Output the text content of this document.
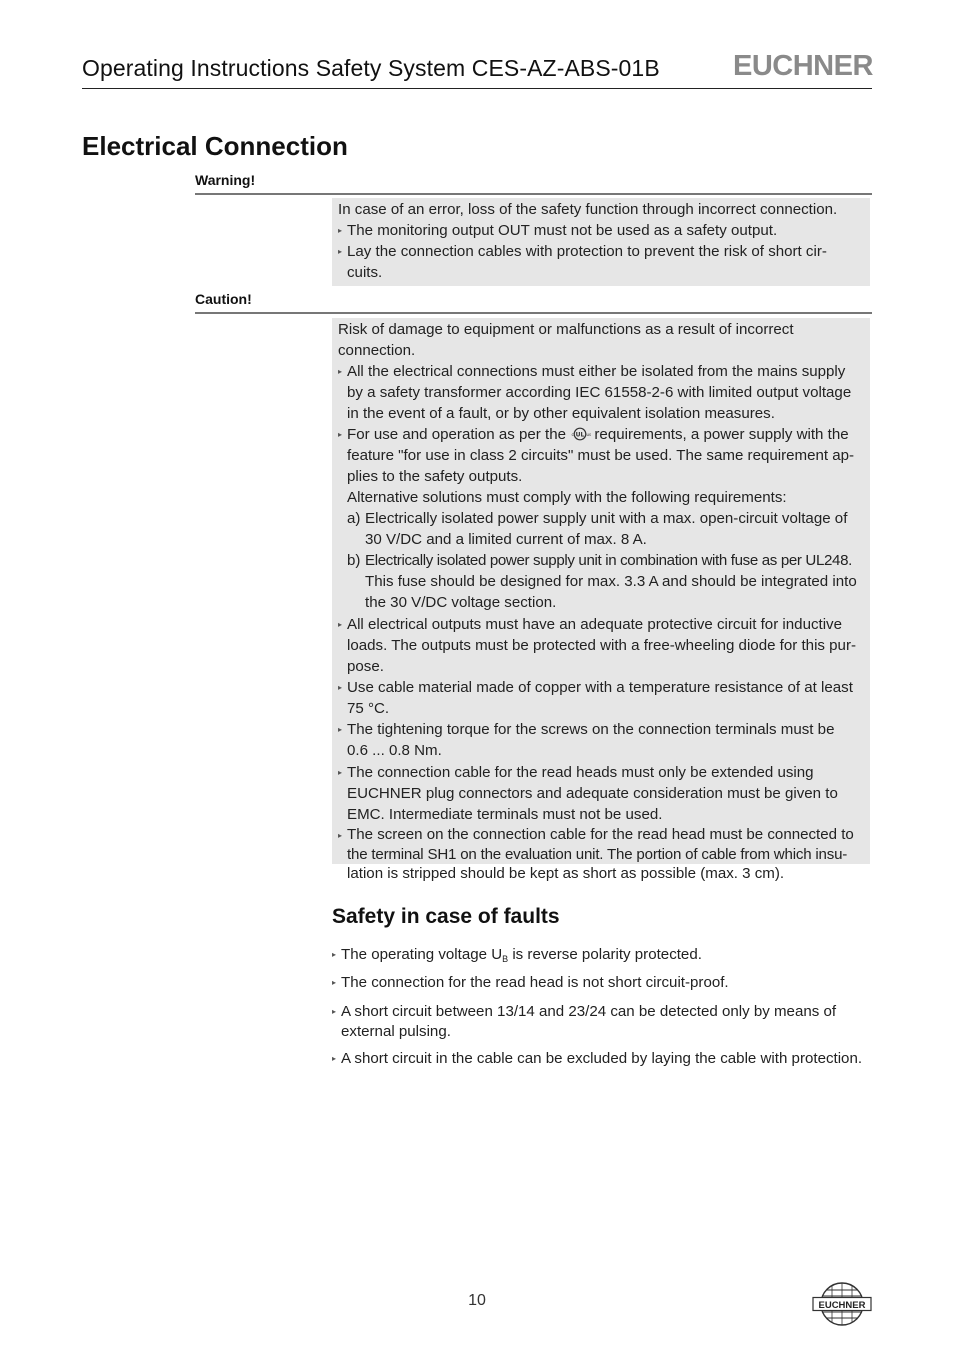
Operating Instructions Safety System CES-AZ-ABS-01B	EUCHNER
Electrical Connection
Warning!

In case of an error, loss of the safety function through incorrect connection.

▸ The monitoring output OUT must not be used as a safety output.

▸ Lay the connection cables with protection to prevent the risk of short cir-
cuits.

Caution!

Risk of damage to equipment or malfunctions as a result of incorrect connection.

▸ All the electrical connections must either be isolated from the mains supply
by a safety transformer according IEC 61558-2-6 with limited output voltage
in the event of a fault, or by other equivalent isolation measures.

▸ For use and operation as per the UL
c	us requirements, a power supply with the
feature "for use in class 2 circuits" must be used. The same requirement ap-
plies to the safety outputs.
Alternative solutions must comply with the following requirements:

a) Electrically isolated power supply unit with a max. open-circuit voltage of
30 V/DC and a limited current of max. 8 A.

b) Electrically isolated power supply unit in combination with fuse as per UL248.
This fuse should be designed for max. 3.3 A and should be integrated into
the 30 V/DC voltage section.

▸ All electrical outputs must have an adequate protective circuit for inductive
loads. The outputs must be protected with a free-wheeling diode for this pur-
pose.

▸ Use cable material made of copper with a temperature resistance of at least
75 °C.

▸ The tightening torque for the screws on the connection terminals must be
0.6 ... 0.8 Nm.

▸ The connection cable for the read heads must only be extended using
EUCHNER plug connectors and adequate consideration must be given to
EMC. Intermediate terminals must not be used.

▸ The screen on the connection cable for the read head must be connected to
the terminal SH1 on the evaluation unit. The portion of cable from which insu-
lation is stripped should be kept as short as possible (max. 3 cm).

Safety in case of faults

▸ The operating voltage $U_B$ is reverse polarity protected.

▸ The connection for the read head is not short circuit-proof.

▸ A short circuit between 13/14 and 23/24 can be detected only by means of
external pulsing.

▸ A short circuit in the cable can be excluded by laying the cable with protection.

10	EUCHNER
